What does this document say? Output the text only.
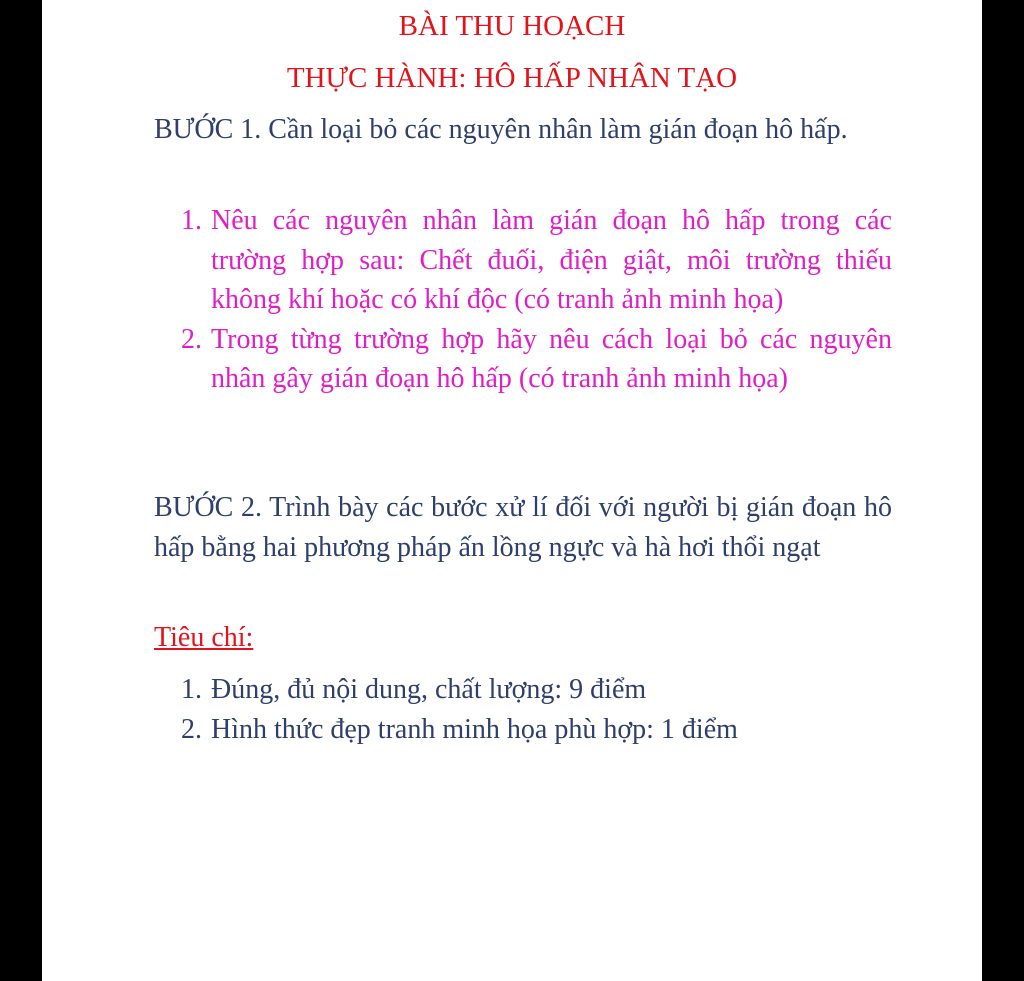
BÀI THU HOẠCH
THỰC HÀNH: HÔ HẤP NHÂN TẠO
BƯỚC 1. Cần loại bỏ các nguyên nhân làm gián đoạn hô hấp.
1. Nêu các nguyên nhân làm gián đoạn hô hấp trong các trường hợp sau: Chết đuối, điện giật, môi trường thiếu không khí hoặc có khí độc (có tranh ảnh minh họa)
2. Trong từng trường hợp hãy nêu cách loại bỏ các nguyên nhân gây gián đoạn hô hấp (có tranh ảnh minh họa)
BƯỚC 2. Trình bày các bước xử lí đối với người bị gián đoạn hô hấp bằng hai phương pháp ấn lồng ngực và hà hơi thổi ngạt
Tiêu chí:
1. Đúng, đủ nội dung, chất lượng: 9 điểm
2. Hình thức đẹp tranh minh họa phù hợp: 1 điểm
